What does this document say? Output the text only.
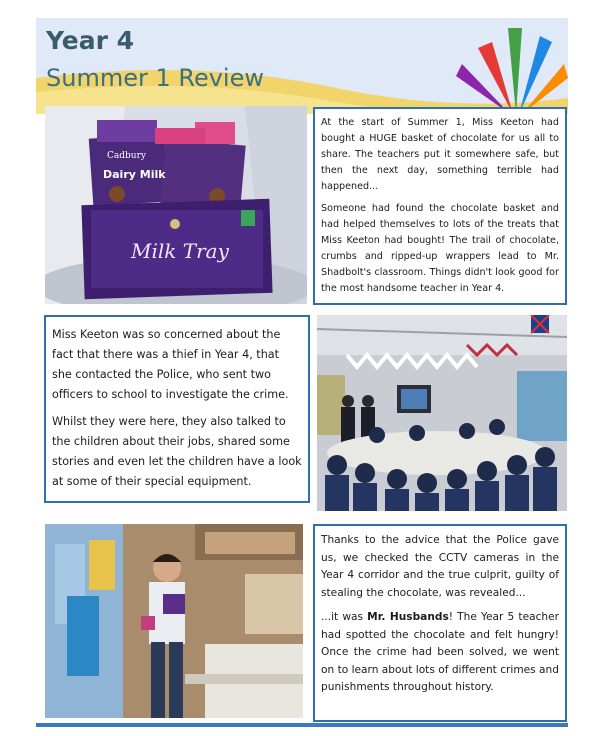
Year 4
Summer 1 Review
Cadbury
Dairy Milk
Milk Tray

At the start of Summer 1, Miss Keeton had bought a HUGE basket of chocolate for us all to share. The teachers put it somewhere safe, but then the next day, something terrible had happened...

Someone had found the chocolate basket and had helped themselves to lots of the treats that Miss Keeton had bought! The trail of chocolate, crumbs and ripped-up wrappers lead to Mr. Shadbolt's classroom. Things didn't look good for the most handsome teacher in Year 4.

Miss Keeton was so concerned about the fact that there was a thief in Year 4, that she contacted the Police, who sent two officers to school to investigate the crime.

Whilst they were here, they also talked to the children about their jobs, shared some stories and even let the children have a look at some of their special equipment.

Thanks to the advice that the Police gave us, we checked the CCTV cameras in the Year 4 corridor and the true culprit, guilty of stealing the chocolate, was revealed...

...it was Mr. Husbands! The Year 5 teacher had spotted the chocolate and felt hungry! Once the crime had been solved, we went on to learn about lots of different crimes and punishments throughout history.
